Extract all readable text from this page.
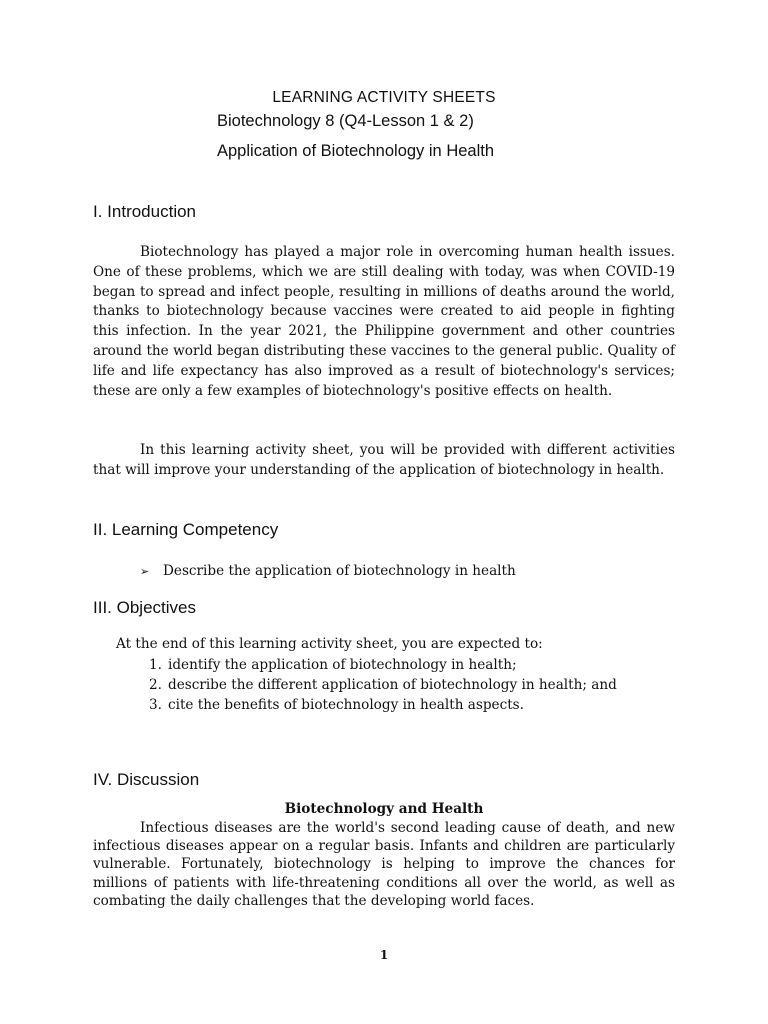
LEARNING ACTIVITY SHEETS
Biotechnology 8 (Q4-Lesson 1 & 2)
Application of Biotechnology in Health
I. Introduction

Biotechnology has played a major role in overcoming human health issues. One of these problems, which we are still dealing with today, was when COVID-19 began to spread and infect people, resulting in millions of deaths around the world, thanks to biotechnology because vaccines were created to aid people in fighting this infection. In the year 2021, the Philippine government and other countries around the world began distributing these vaccines to the general public. Quality of life and life expectancy has also improved as a result of biotechnology's services; these are only a few examples of biotechnology's positive effects on health.

In this learning activity sheet, you will be provided with different activities that will improve your understanding of the application of biotechnology in health.

II. Learning Competency
➢ Describe the application of biotechnology in health
III. Objectives
At the end of this learning activity sheet, you are expected to:
1. identify the application of biotechnology in health;
2. describe the different application of biotechnology in health; and
3. cite the benefits of biotechnology in health aspects.
IV. Discussion
Biotechnology and Health

Infectious diseases are the world's second leading cause of death, and new infectious diseases appear on a regular basis. Infants and children are particularly vulnerable. Fortunately, biotechnology is helping to improve the chances for millions of patients with life-threatening conditions all over the world, as well as combating the daily challenges that the developing world faces.

1
